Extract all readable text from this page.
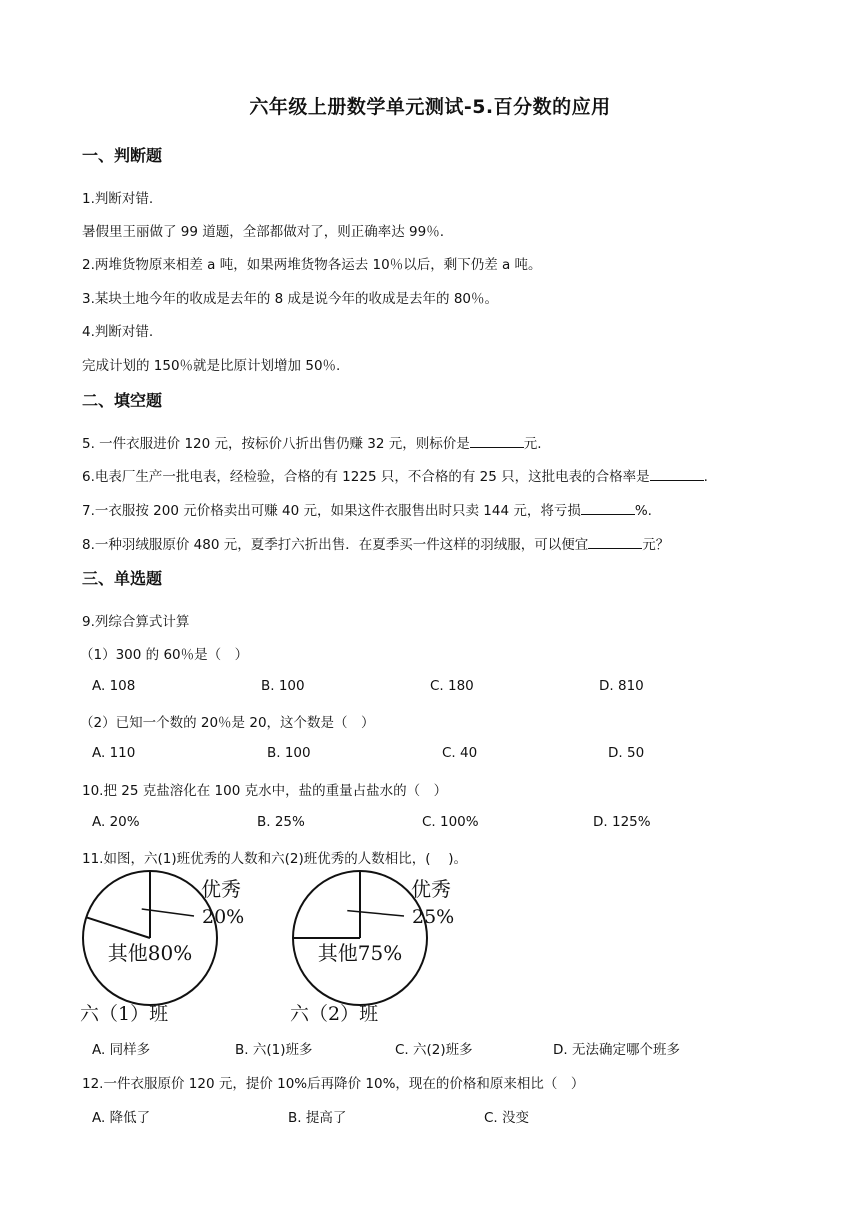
六年级上册数学单元测试-5.百分数的应用
一、判断题
1.判断对错.
暑假里王丽做了 99 道题，全部都做对了，则正确率达 99％.
2.两堆货物原来相差 a 吨，如果两堆货物各运去 10％以后，剩下仍差 a 吨。
3.某块土地今年的收成是去年的 8 成是说今年的收成是去年的 80％。
4.判断对错.
完成计划的 150％就是比原计划增加 50％.
二、填空题
5. 一件衣服进价 120 元，按标价八折出售仍赚 32 元，则标价是	元.
6.电表厂生产一批电表，经检验，合格的有 1225 只，不合格的有 25 只，这批电表的合格率是	.
7.一衣服按 200 元价格卖出可赚 40 元，如果这件衣服售出时只卖 144 元，将亏损	%.
8.一种羽绒服原价 480 元，夏季打六折出售．在夏季买一件这样的羽绒服，可以便宜	元？
三、单选题
9.列综合算式计算
（1）300 的 60％是（　）
A. 108	B. 100	C. 180	D. 810
（2）已知一个数的 20％是 20，这个数是（　）
A. 110	B. 100	C. 40	D. 50
10.把 25 克盐溶化在 100 克水中，盐的重量占盐水的（　）
A. 20%	B. 25%	C. 100%	D. 125%
11.如图，六(1)班优秀的人数和六(2)班优秀的人数相比，(　 )。
优秀
20%
其他80%
六（1）班
优秀
25%
其他75%
六（2）班
A. 同样多	B. 六(1)班多	C. 六(2)班多	D. 无法确定哪个班多
12.一件衣服原价 120 元，提价 10%后再降价 10%，现在的价格和原来相比（　）
A. 降低了	B. 提高了	C. 没变
